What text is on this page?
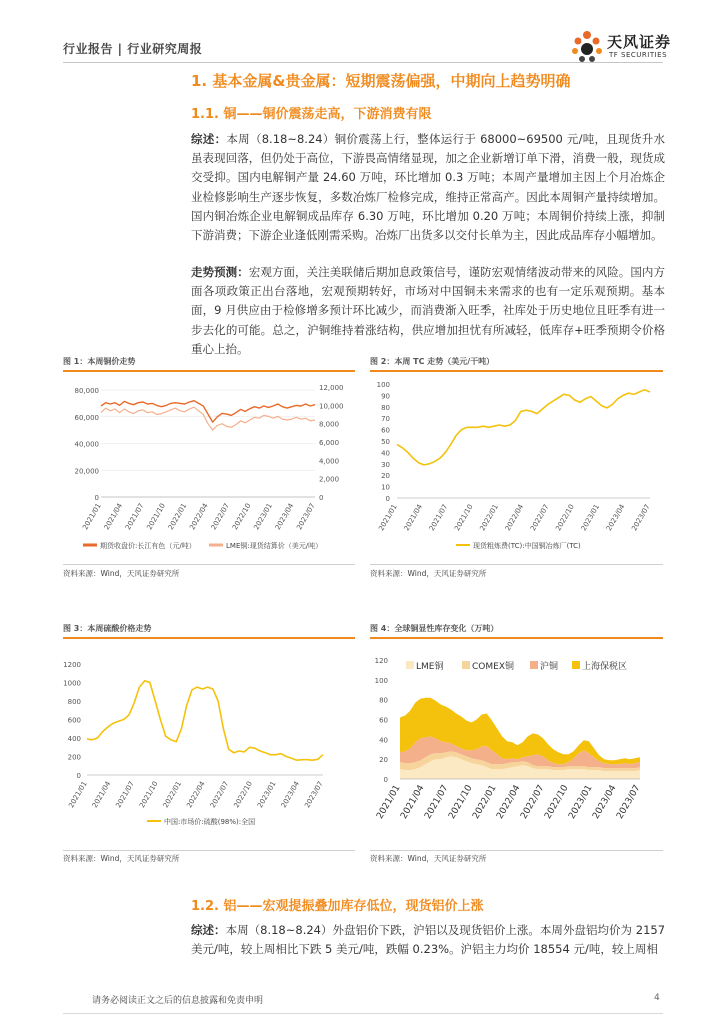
行业报告 | 行业研究周报	天风证券
TF SECURITIES
1. 基本金属&贵金属：短期震荡偏强，中期向上趋势明确
1.1. 铜——铜价震荡走高，下游消费有限
综述：本周（8.18~8.24）铜价震荡上行，整体运行于 68000~69500 元/吨，且现货升水虽表现回落，但仍处于高位，下游畏高情绪显现，加之企业新增订单下滑，消费一般，现货成交受抑。国内电解铜产量 24.60 万吨，环比增加 0.3 万吨；本周产量增加主因上个月冶炼企业检修影响生产逐步恢复，多数冶炼厂检修完成，维持正常高产。因此本周铜产量持续增加。国内铜冶炼企业电解铜成品库存 6.30 万吨，环比增加 0.20 万吨；本周铜价持续上涨，抑制下游消费；下游企业逢低刚需采购。冶炼厂出货多以交付长单为主，因此成品库存小幅增加。
走势预测：宏观方面，关注美联储后期加息政策信号，谨防宏观情绪波动带来的风险。国内方面各项政策正出台落地，宏观预期转好，市场对中国铜未来需求的也有一定乐观预期。基本面，9 月供应由于检修增多预计环比减少，而消费渐入旺季，社库处于历史地位且旺季有进一步去化的可能。总之，沪铜维持着涨结构，供应增加担忧有所减轻，低库存+旺季预期令价格重心上抬。
图 1：本周铜价走势
80,000
60,000
40,000
20,000
0
12,000
10,000
8,000
6,000
4,000
2,000
0
2021/01 2021/04 2021/07 2021/10 2022/01 2022/04 2022/07 2022/10 2023/01 2023/04 2023/07
期货收盘价:长江有色（元/吨）	LME铜:现货结算价（美元/吨）
资料来源：Wind，天风证券研究所
图 2：本周 TC 走势（美元/干吨）
100
90
80
70
60
50
40
30
20
10
0
2021/01 2021/04 2021/07 2021/10 2022/01 2022/04 2022/07 2022/10 2023/01 2023/04 2023/07
现货粗炼费(TC):中国铜冶炼厂(TC)
资料来源：Wind，天风证券研究所
图 3：本周硫酸价格走势
1200
1000
800
600
400
200
0
2021/01 2021/04 2021/07 2021/10 2022/01 2022/04 2022/07 2022/10 2023/01 2023/04 2023/07
中国:市场价:硫酸(98%):全国
资料来源：Wind，天风证券研究所
图 4：全球铜显性库存变化（万吨）
120
100
80
60
40
20
0
LME铜	COMEX铜	沪铜	上海保税区
2021/01
2021/04
2021/07
2021/10
2022/01
2022/04
2022/07
2022/10
2023/01
2023/04
2023/07
资料来源：Wind，天风证券研究所
1.2. 铝——宏观提振叠加库存低位，现货铝价上涨
综述：本周（8.18~8.24）外盘铝价下跌，沪铝以及现货铝价上涨。本周外盘铝均价为 2157 美元/吨，较上周相比下跌 5 美元/吨，跌幅 0.23%。沪铝主力均价 18554 元/吨，较上周相
请务必阅读正文之后的信息披露和免责申明	4
